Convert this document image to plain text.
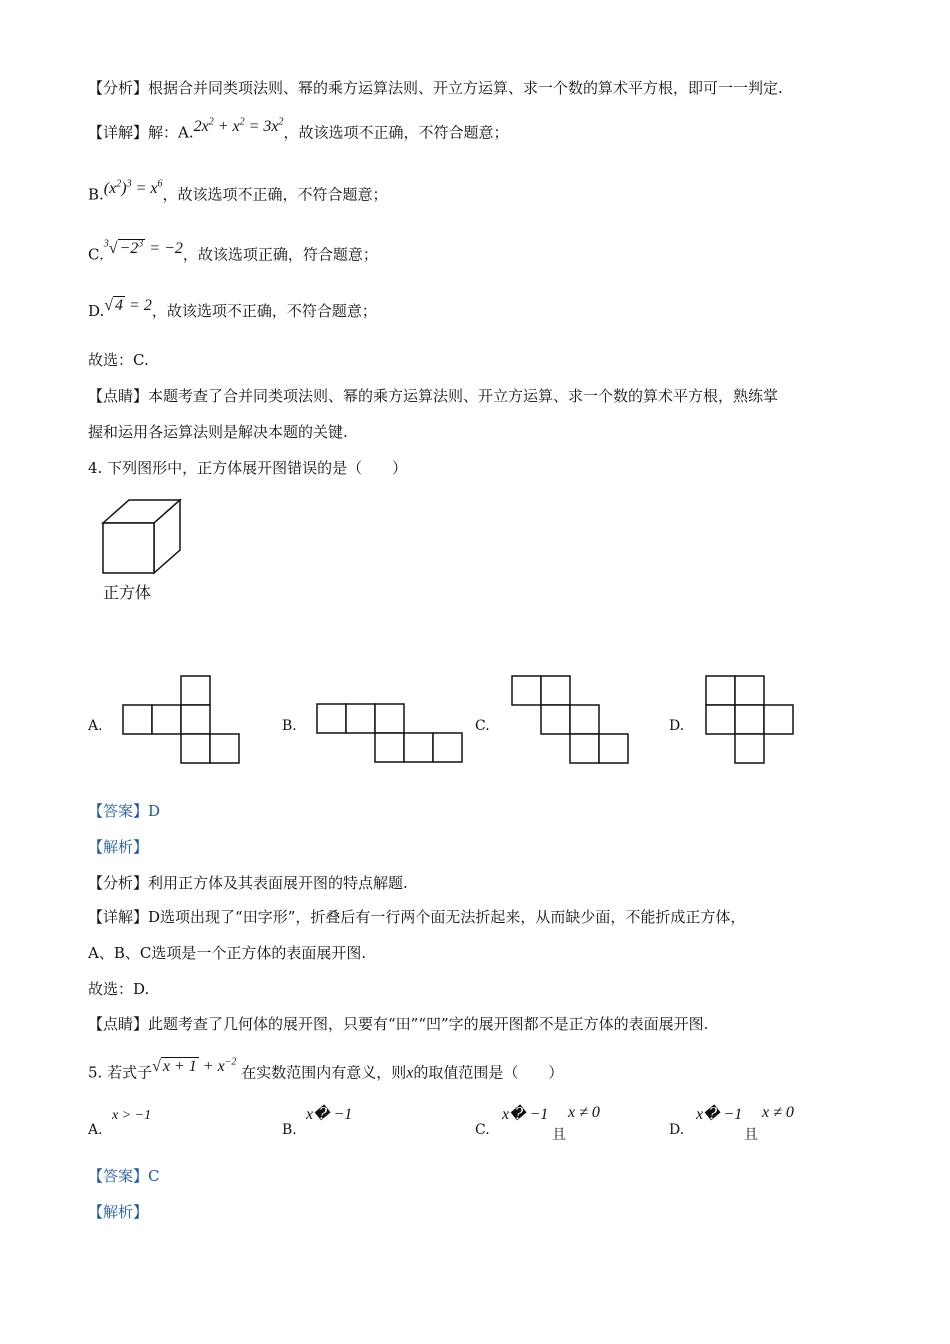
【分析】根据合并同类项法则、幂的乘方运算法则、开立方运算、求一个数的算术平方根，即可一一判定.
【详解】解：$A.2x^2 + x^2 = 3x^2$，故该选项不正确，不符合题意；
$B.(x^2)^3 = x^6$，故该选项不正确，不符合题意；
$C.^3√ -2^3 = -2$，故该选项正确，符合题意；
D.√ 4 = 2，故该选项不正确，不符合题意；
故选：C.
【点睛】本题考查了合并同类项法则、幂的乘方运算法则、开立方运算、求一个数的算术平方根，熟练掌
握和运用各运算法则是解决本题的关键.
4. 下列图形中，正方体展开图错误的是（　　）
正方体
A.	B.	C.	D.
【答案】D
【解析】
【分析】利用正方体及其表面展开图的特点解题.
【详解】D选项出现了“田字形”，折叠后有一行两个面无法折起来，从而缺少面，不能折成正方体，
A、B、C选项是一个正方体的表面展开图.
故选：D.
【点睛】此题考查了几何体的展开图，只要有“田”“凹”字的展开图都不是正方体的表面展开图.
5. 若式子√ $x + 1 + x^{-2}$ 在实数范围内有意义，则x的取值范围是（　　）
A.
x > −1
B.
x� −1
C.
x� −1
且
x ≠ 0
D.
x� −1
且
x ≠ 0
【答案】C
【解析】
